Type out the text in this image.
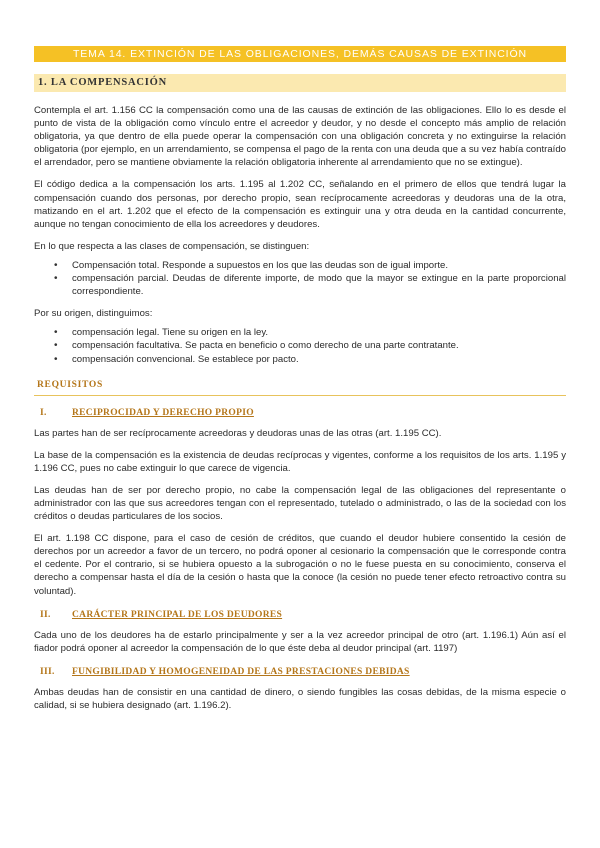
TEMA 14. EXTINCIÓN DE LAS OBLIGACIONES, DEMÁS CAUSAS DE EXTINCIÓN
1. LA COMPENSACIÓN

Contempla el art. 1.156 CC la compensación como una de las causas de extinción de las obligaciones. Ello lo es desde el punto de vista de la obligación como vínculo entre el acreedor y deudor, y no desde el concepto más amplio de relación obligatoria, ya que dentro de ella puede operar la compensación con una obligación concreta y no extinguirse la relación obligatoria (por ejemplo, en un arrendamiento, se compensa el pago de la renta con una deuda que a su vez había contraído el arrendador, pero se mantiene obviamente la relación obligatoria inherente al arrendamiento que no se extingue).

El código dedica a la compensación los arts. 1.195 al 1.202 CC, señalando en el primero de ellos que tendrá lugar la compensación cuando dos personas, por derecho propio, sean recíprocamente acreedoras y deudoras una de la otra, matizando en el art. 1.202 que el efecto de la compensación es extinguir una y otra deuda en la cantidad concurrente, aunque no tengan conocimiento de ella los acreedores y deudores.

En lo que respecta a las clases de compensación, se distinguen:

• Compensación total. Responde a supuestos en los que las deudas son de igual importe.
• compensación parcial. Deudas de diferente importe, de modo que la mayor se extingue en la parte proporcional correspondiente.

Por su origen, distinguimos:

• compensación legal. Tiene su origen en la ley.
• compensación facultativa. Se pacta en beneficio o como derecho de una parte contratante.
• compensación convencional. Se establece por pacto.
REQUISITOS
I.	RECIPROCIDAD Y DERECHO PROPIO

Las partes han de ser recíprocamente acreedoras y deudoras unas de las otras (art. 1.195 CC).

La base de la compensación es la existencia de deudas recíprocas y vigentes, conforme a los requisitos de los arts. 1.195 y 1.196 CC, pues no cabe extinguir lo que carece de vigencia.

Las deudas han de ser por derecho propio, no cabe la compensación legal de las obligaciones del representante o administrador con las que sus acreedores tengan con el representado, tutelado o administrado, o las de la sociedad con los créditos o deudas particulares de los socios.

El art. 1.198 CC dispone, para el caso de cesión de créditos, que cuando el deudor hubiere consentido la cesión de derechos por un acreedor a favor de un tercero, no podrá oponer al cesionario la compensación que le corresponde contra el cedente. Por el contrario, si se hubiera opuesto a la subrogación o no le fuese puesta en su conocimiento, conserva el derecho a compensar hasta el día de la cesión o hasta que la conoce (la cesión no puede tener efecto retroactivo contra su voluntad).

II. CARÁCTER PRINCIPAL DE LOS DEUDORES

Cada uno de los deudores ha de estarlo principalmente y ser a la vez acreedor principal de otro (art. 1.196.1) Aún así el fiador podrá oponer al acreedor la compensación de lo que éste deba al deudor principal (art. 1197)

III. FUNGIBILIDAD Y HOMOGENEIDAD DE LAS PRESTACIONES DEBIDAS

Ambas deudas han de consistir en una cantidad de dinero, o siendo fungibles las cosas debidas, de la misma especie o calidad, si se hubiera designado (art. 1.196.2).
